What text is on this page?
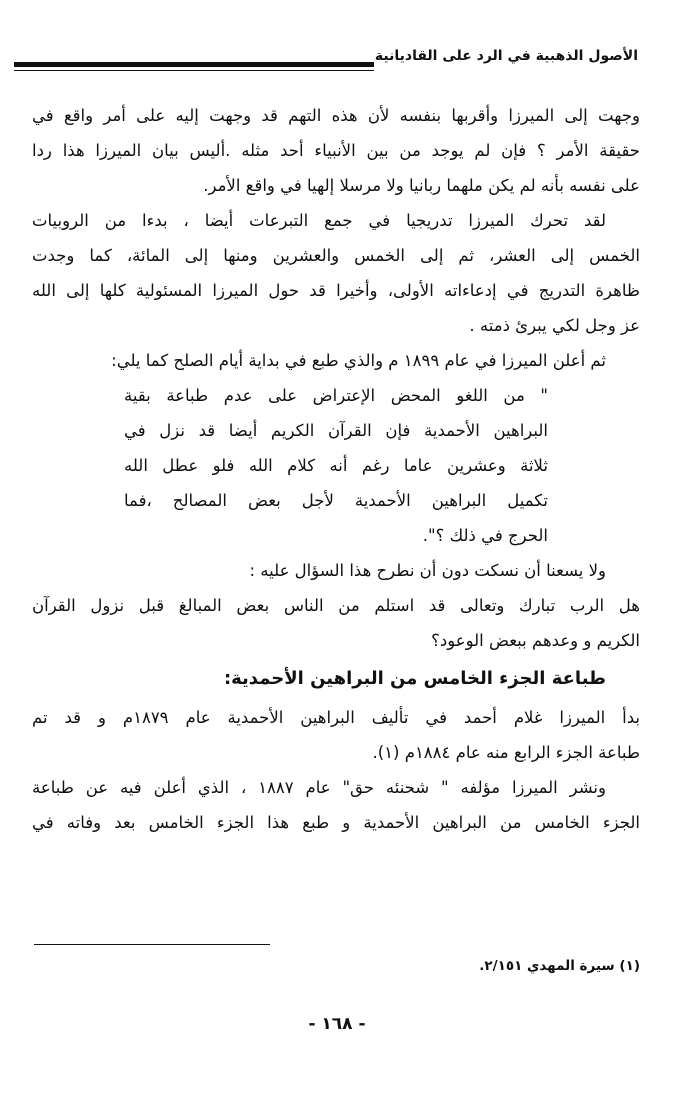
الأصول الذهبية في الرد على القاديانية
وجهت إلى الميرزا وأقربها بنفسه لأن هذه التهم قد وجهت إليه على أمر واقع في
حقيقة الأمر ؟ فإن لم يوجد من بين الأنبياء أحد مثله .أليس بيان الميرزا هذا ردا
على نفسه بأنه لم يكن ملهما ربانيا ولا مرسلا إلهيا في واقع الأمر.
لقد تحرك الميرزا تدريجيا في جمع التبرعات أيضا ، بدءا من الروبيات
الخمس إلى العشر، ثم إلى الخمس والعشرين ومنها إلى المائة، كما وجدت
ظاهرة التدريج في إدعاءاته الأولى، وأخيرا قد حول الميرزا المسئولية كلها إلى الله
عز وجل لكي يبرئ ذمته .
ثم أعلن الميرزا في عام ١٨٩٩ م والذي طبع في بداية أيام الصلح كما يلي:
" من اللغو المحض الإعتراض على عدم طباعة بقية
البراهين الأحمدية فإن القرآن الكريم أيضا قد نزل في
ثلاثة وعشرين عاما رغم أنه كلام الله فلو عطل الله
تكميل البراهين الأحمدية لأجل بعض المصالح ،فما
الحرج في ذلك ؟".
ولا يسعنا أن نسكت دون أن نطرح هذا السؤال عليه :
هل الرب تبارك وتعالى قد استلم من الناس بعض المبالغ قبل نزول القرآن
الكريم و وعدهم ببعض الوعود؟
طباعة الجزء الخامس من البراهين الأحمدية:
بدأ الميرزا غلام أحمد في تأليف البراهين الأحمدية عام ١٨٧٩م و قد تم
طباعة الجزء الرابع منه عام ١٨٨٤م (١).
ونشر الميرزا مؤلفه " شحنئه حق" عام ١٨٨٧ ، الذي أعلن فيه عن طباعة
الجزء الخامس من البراهين الأحمدية و طبع هذا الجزء الخامس بعد وفاته في
(١) سيرة المهدي ٢/١٥١.
- ١٦٨ -
